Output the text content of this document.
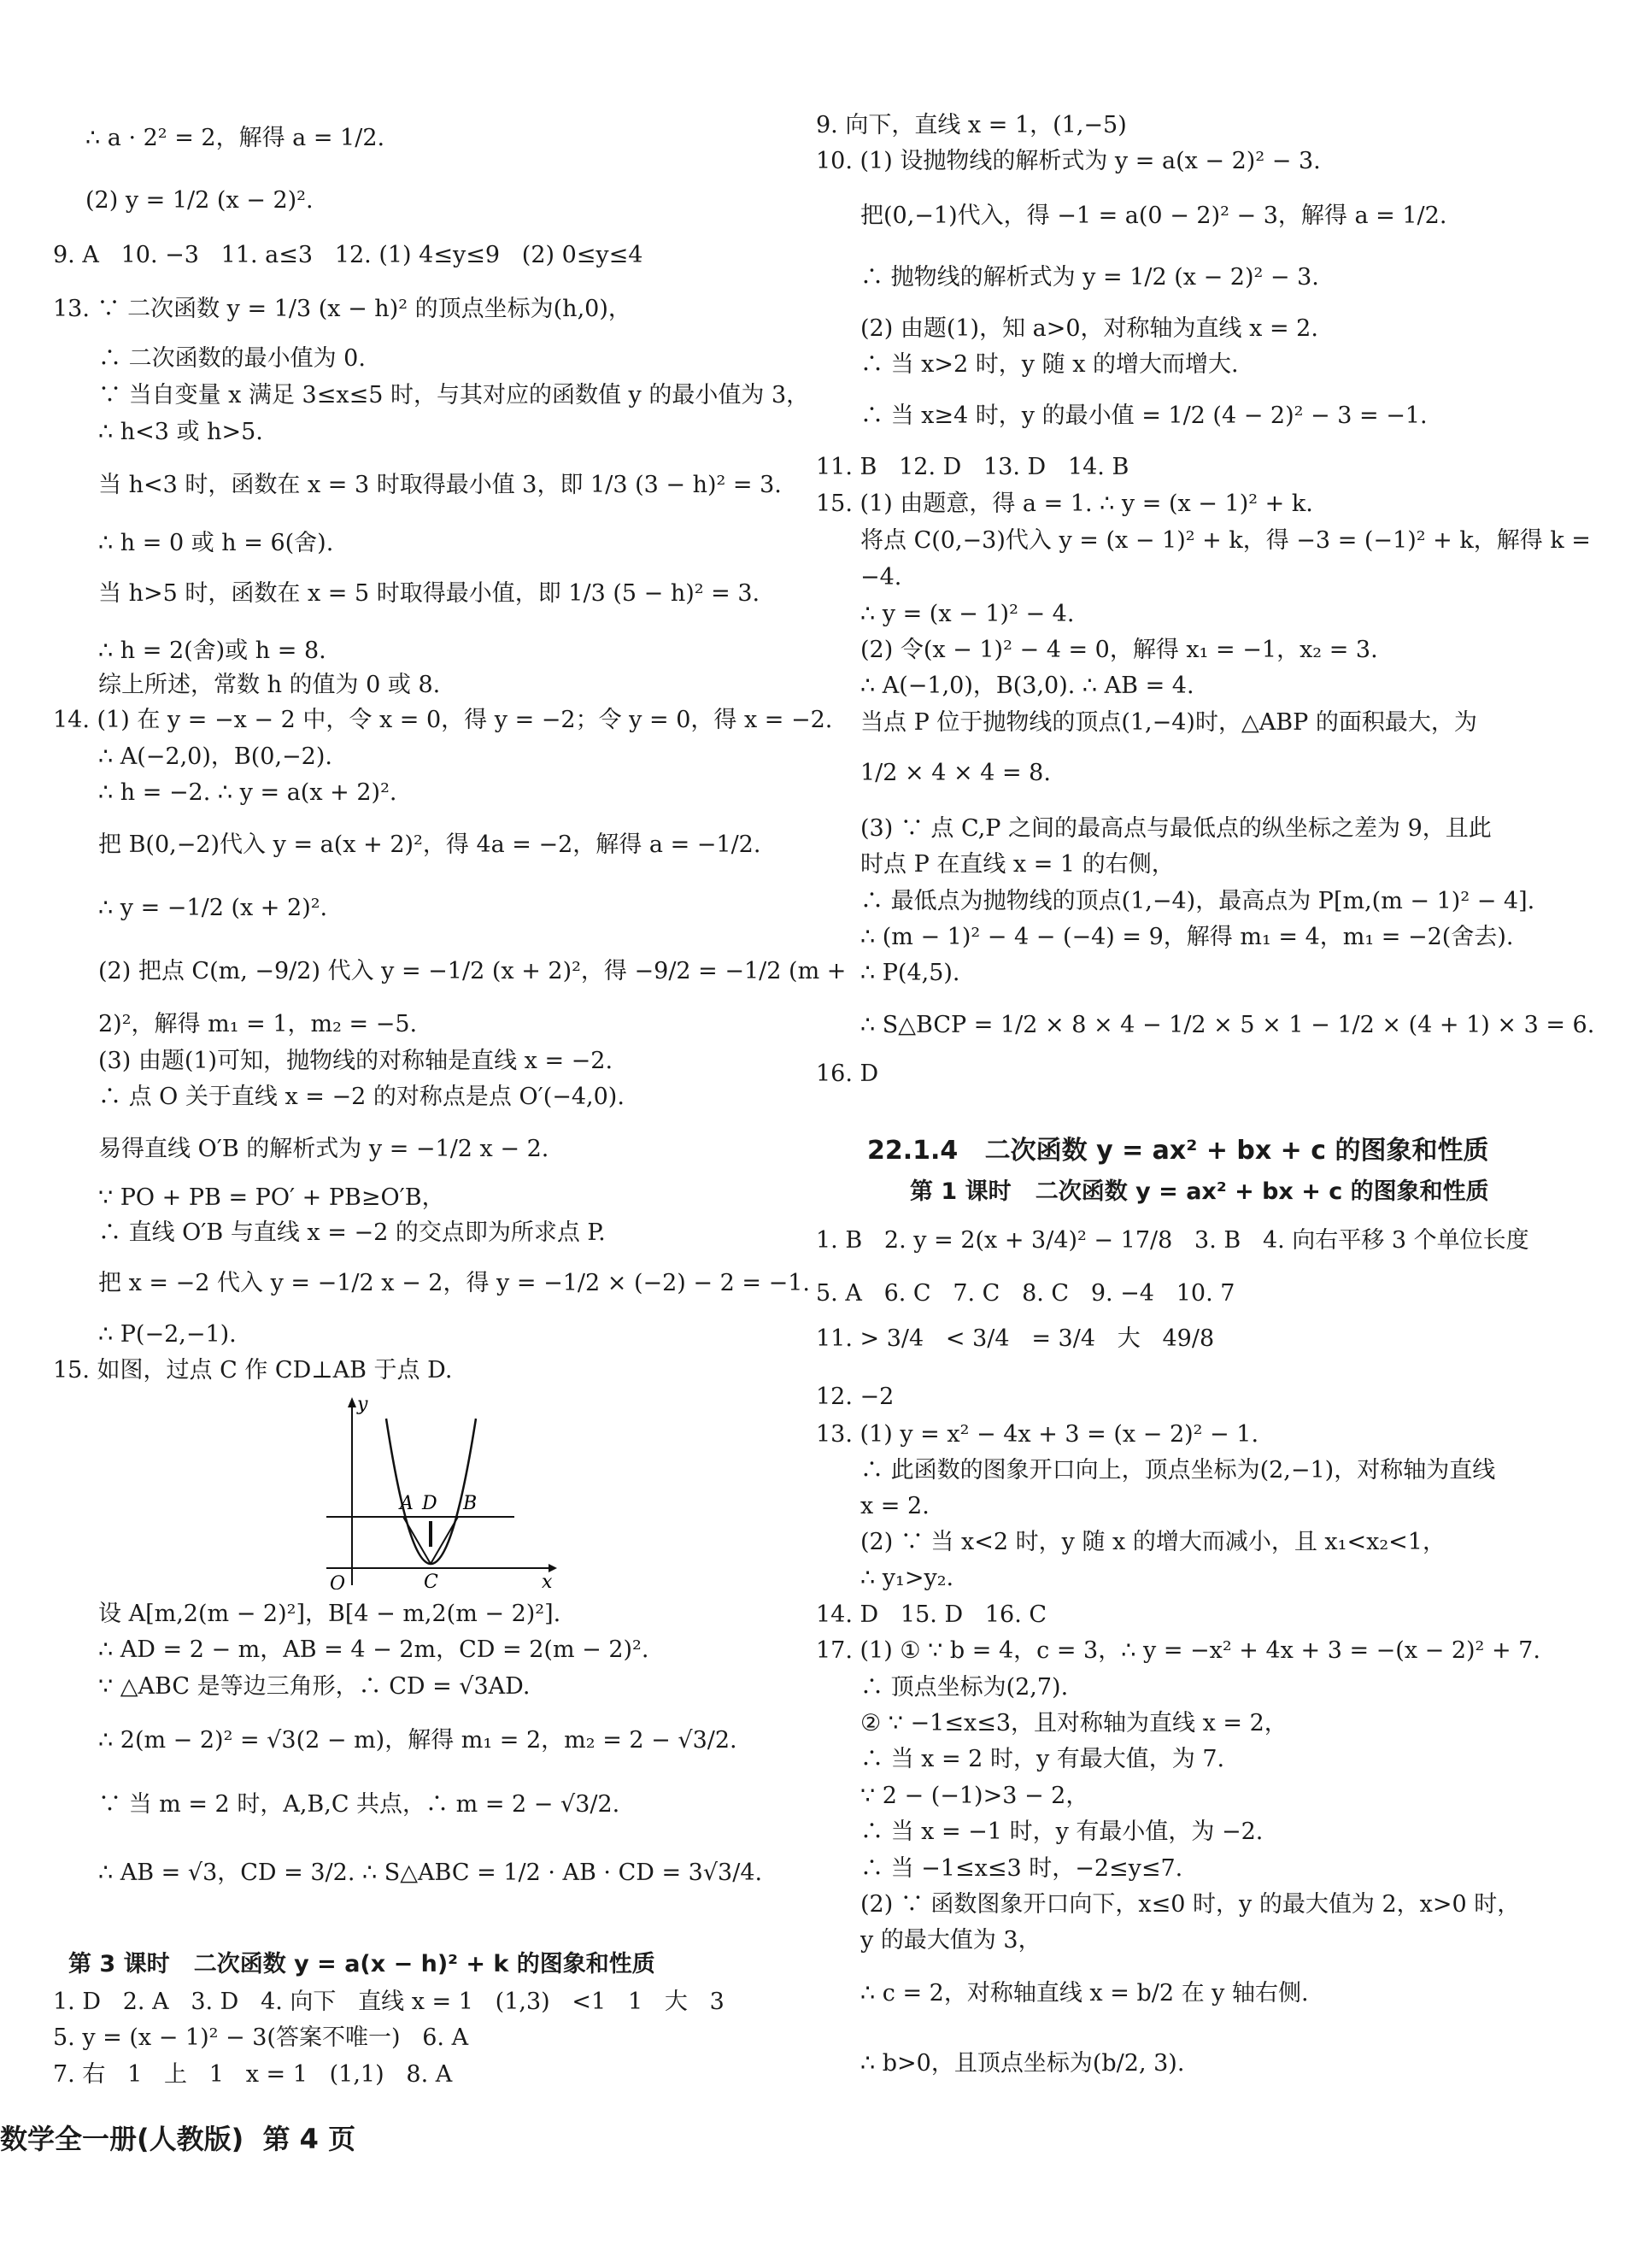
∴ a · 2² = 2，解得 a = 1/2.
(2) y = 1/2 (x − 2)².
9. A   10. −3   11. a≤3   12. (1) 4≤y≤9   (2) 0≤y≤4
13. ∵ 二次函数 y = 1/3 (x − h)² 的顶点坐标为(h,0)，
∴ 二次函数的最小值为 0.
∵ 当自变量 x 满足 3≤x≤5 时，与其对应的函数值 y 的最小值为 3，
∴ h<3 或 h>5.
当 h<3 时，函数在 x = 3 时取得最小值 3，即 1/3 (3 − h)² = 3.
∴ h = 0 或 h = 6(舍).
当 h>5 时，函数在 x = 5 时取得最小值，即 1/3 (5 − h)² = 3.
∴ h = 2(舍)或 h = 8.
综上所述，常数 h 的值为 0 或 8.
14. (1) 在 y = −x − 2 中，令 x = 0，得 y = −2；令 y = 0，得 x = −2.
∴ A(−2,0)，B(0,−2).
∴ h = −2. ∴ y = a(x + 2)².
把 B(0,−2)代入 y = a(x + 2)²，得 4a = −2，解得 a = −1/2.
∴ y = −1/2 (x + 2)².
(2) 把点 C(m, −9/2) 代入 y = −1/2 (x + 2)²，得 −9/2 = −1/2 (m +
2)²，解得 m₁ = 1，m₂ = −5.
(3) 由题(1)可知，抛物线的对称轴是直线 x = −2.
∴ 点 O 关于直线 x = −2 的对称点是点 O′(−4,0).
易得直线 O′B 的解析式为 y = −1/2 x − 2.
∵ PO + PB = PO′ + PB≥O′B，
∴ 直线 O′B 与直线 x = −2 的交点即为所求点 P.
把 x = −2 代入 y = −1/2 x − 2，得 y = −1/2 × (−2) − 2 = −1.
∴ P(−2,−1).
15. 如图，过点 C 作 CD⊥AB 于点 D.
设 A[m,2(m − 2)²]，B[4 − m,2(m − 2)²].
∴ AD = 2 − m，AB = 4 − 2m，CD = 2(m − 2)².
∵ △ABC 是等边三角形，∴ CD = √3AD.
∴ 2(m − 2)² = √3(2 − m)，解得 m₁ = 2，m₂ = 2 − √3/2.
∵ 当 m = 2 时，A,B,C 共点，∴ m = 2 − √3/2.
∴ AB = √3，CD = 3/2. ∴ S△ABC = 1/2 · AB · CD = 3√3/4.
第 3 课时   二次函数 y = a(x − h)² + k 的图象和性质
1. D   2. A   3. D   4. 向下   直线 x = 1   (1,3)   <1   1   大   3
5. y = (x − 1)² − 3(答案不唯一)   6. A
7. 右   1   上   1   x = 1   (1,1)   8. A
9. 向下，直线 x = 1，(1,−5)
10. (1) 设抛物线的解析式为 y = a(x − 2)² − 3.
把(0,−1)代入，得 −1 = a(0 − 2)² − 3，解得 a = 1/2.
∴ 抛物线的解析式为 y = 1/2 (x − 2)² − 3.
(2) 由题(1)，知 a>0，对称轴为直线 x = 2.
∴ 当 x>2 时，y 随 x 的增大而增大.
∴ 当 x≥4 时，y 的最小值 = 1/2 (4 − 2)² − 3 = −1.
11. B   12. D   13. D   14. B
15. (1) 由题意，得 a = 1. ∴ y = (x − 1)² + k.
将点 C(0,−3)代入 y = (x − 1)² + k，得 −3 = (−1)² + k，解得 k =
−4.
∴ y = (x − 1)² − 4.
(2) 令(x − 1)² − 4 = 0，解得 x₁ = −1，x₂ = 3.
∴ A(−1,0)，B(3,0). ∴ AB = 4.
当点 P 位于抛物线的顶点(1,−4)时，△ABP 的面积最大，为
1/2 × 4 × 4 = 8.
(3) ∵ 点 C,P 之间的最高点与最低点的纵坐标之差为 9，且此
时点 P 在直线 x = 1 的右侧，
∴ 最低点为抛物线的顶点(1,−4)，最高点为 P[m,(m − 1)² − 4].
∴ (m − 1)² − 4 − (−4) = 9，解得 m₁ = 4，m₁ = −2(舍去).
∴ P(4,5).
∴ S△BCP = 1/2 × 8 × 4 − 1/2 × 5 × 1 − 1/2 × (4 + 1) × 3 = 6.
16. D
22.1.4   二次函数 y = ax² + bx + c 的图象和性质
第 1 课时   二次函数 y = ax² + bx + c 的图象和性质
1. B   2. y = 2(x + 3/4)² − 17/8   3. B   4. 向右平移 3 个单位长度
5. A   6. C   7. C   8. C   9. −4   10. 7
11. > 3/4   < 3/4   = 3/4   大   49/8
12. −2
13. (1) y = x² − 4x + 3 = (x − 2)² − 1.
∴ 此函数的图象开口向上，顶点坐标为(2,−1)，对称轴为直线
x = 2.
(2) ∵ 当 x<2 时，y 随 x 的增大而减小，且 x₁<x₂<1，
∴ y₁>y₂.
14. D   15. D   16. C
17. (1) ① ∵ b = 4，c = 3，∴ y = −x² + 4x + 3 = −(x − 2)² + 7.
∴ 顶点坐标为(2,7).
② ∵ −1≤x≤3，且对称轴为直线 x = 2，
∴ 当 x = 2 时，y 有最大值，为 7.
∵ 2 − (−1)>3 − 2，
∴ 当 x = −1 时，y 有最小值，为 −2.
∴ 当 −1≤x≤3 时，−2≤y≤7.
(2) ∵ 函数图象开口向下，x≤0 时，y 的最大值为 2，x>0 时，
y 的最大值为 3，
∴ c = 2，对称轴直线 x = b/2 在 y 轴右侧.
∴ b>0，且顶点坐标为(b/2, 3).
y
x
O
A D B
C
数学全一册(人教版)  第 4 页
